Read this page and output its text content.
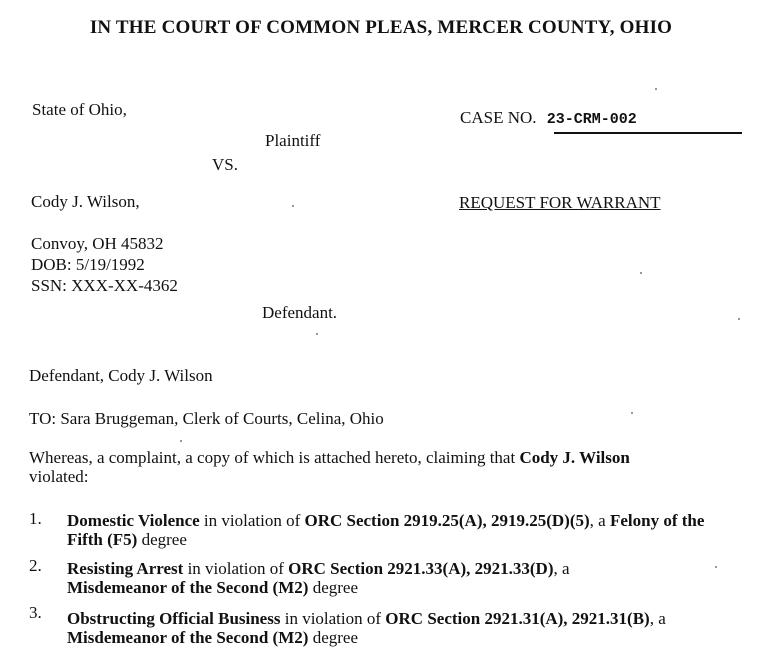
IN THE COURT OF COMMON PLEAS, MERCER COUNTY, OHIO
State of Ohio,
Plaintiff
VS.
CASE NO. 23-CRM-002
REQUEST FOR WARRANT
Cody J. Wilson,
Convoy, OH 45832
DOB: 5/19/1992
SSN: XXX-XX-4362
Defendant.
Defendant, Cody J. Wilson
TO: Sara Bruggeman, Clerk of Courts, Celina, Ohio
Whereas, a complaint, a copy of which is attached hereto, claiming that Cody J. Wilson
violated:
1. Domestic Violence in violation of ORC Section 2919.25(A), 2919.25(D)(5), a Felony of the Fifth (F5) degree
2. Resisting Arrest in violation of ORC Section 2921.33(A), 2921.33(D), a Misdemeanor of the Second (M2) degree
3. Obstructing Official Business in violation of ORC Section 2921.31(A), 2921.31(B), a Misdemeanor of the Second (M2) degree
